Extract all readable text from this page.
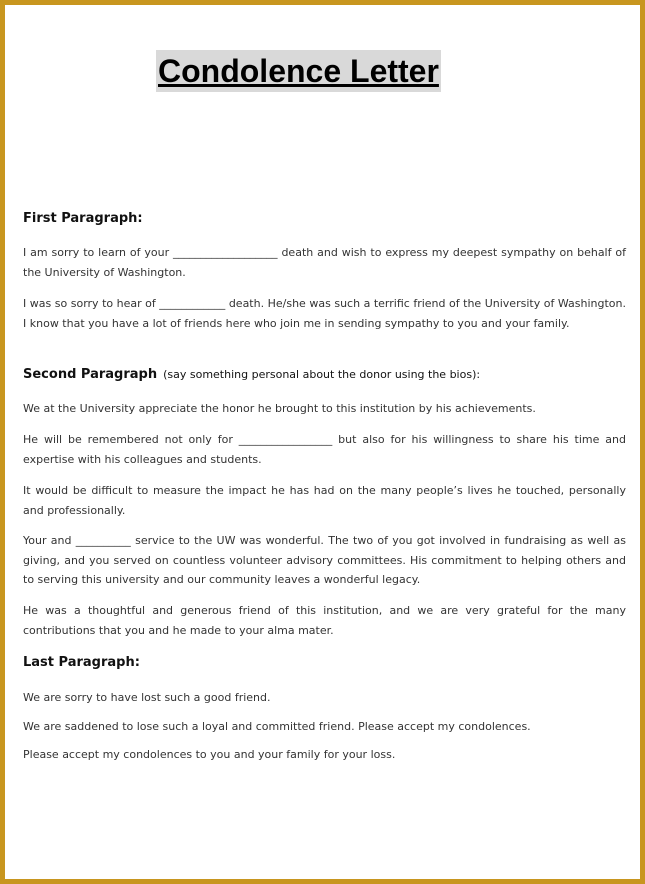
Condolence Letter
First Paragraph:
I am sorry to learn of your ___________________ death and wish to express my deepest sympathy on behalf of the University of Washington.
I was so sorry to hear of ____________ death. He/she was such a terrific friend of the University of Washington. I know that you have a lot of friends here who join me in sending sympathy to you and your family.
Second Paragraph (say something personal about the donor using the bios):
We at the University appreciate the honor he brought to this institution by his achievements.
He will be remembered not only for _________________ but also for his willingness to share his time and expertise with his colleagues and students.
It would be difficult to measure the impact he has had on the many people’s lives he touched, personally and professionally.
Your and __________ service to the UW was wonderful. The two of you got involved in fundraising as well as giving, and you served on countless volunteer advisory committees. His commitment to helping others and to serving this university and our community leaves a wonderful legacy.
He was a thoughtful and generous friend of this institution, and we are very grateful for the many contributions that you and he made to your alma mater.
Last Paragraph:
We are sorry to have lost such a good friend.
We are saddened to lose such a loyal and committed friend. Please accept my condolences.
Please accept my condolences to you and your family for your loss.
